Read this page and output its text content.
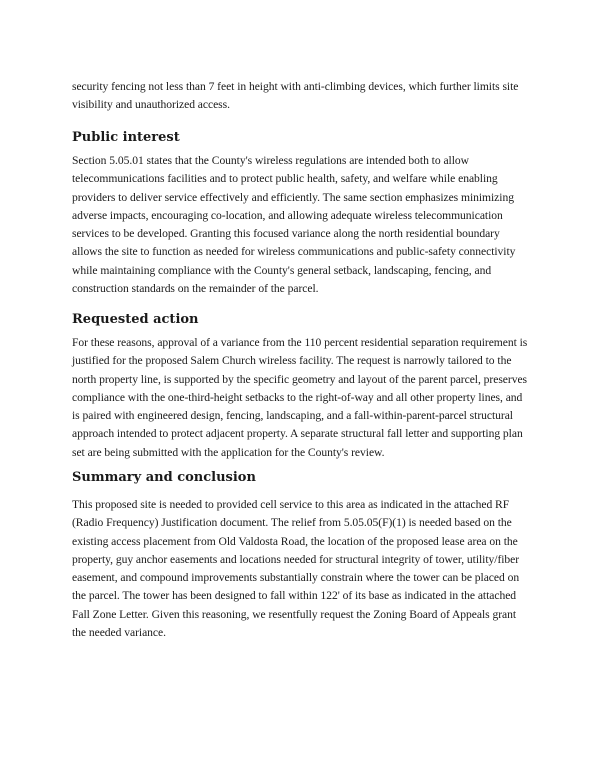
security fencing not less than 7 feet in height with anti-climbing devices, which further limits site visibility and unauthorized access.

Public interest

Section 5.05.01 states that the County's wireless regulations are intended both to allow telecommunications facilities and to protect public health, safety, and welfare while enabling providers to deliver service effectively and efficiently. The same section emphasizes minimizing adverse impacts, encouraging co-location, and allowing adequate wireless telecommunication services to be developed. Granting this focused variance along the north residential boundary allows the site to function as needed for wireless communications and public-safety connectivity while maintaining compliance with the County's general setback, landscaping, fencing, and construction standards on the remainder of the parcel.

Requested action

For these reasons, approval of a variance from the 110 percent residential separation requirement is justified for the proposed Salem Church wireless facility. The request is narrowly tailored to the north property line, is supported by the specific geometry and layout of the parent parcel, preserves compliance with the one-third-height setbacks to the right-of-way and all other property lines, and is paired with engineered design, fencing, landscaping, and a fall-within-parent-parcel structural approach intended to protect adjacent property. A separate structural fall letter and supporting plan set are being submitted with the application for the County's review.

Summary and conclusion

This proposed site is needed to provided cell service to this area as indicated in the attached RF (Radio Frequency) Justification document. The relief from 5.05.05(F)(1) is needed based on the existing access placement from Old Valdosta Road, the location of the proposed lease area on the property, guy anchor easements and locations needed for structural integrity of tower, utility/fiber easement, and compound improvements substantially constrain where the tower can be placed on the parcel. The tower has been designed to fall within 122' of its base as indicated in the attached Fall Zone Letter. Given this reasoning, we resentfully request the Zoning Board of Appeals grant the needed variance.
